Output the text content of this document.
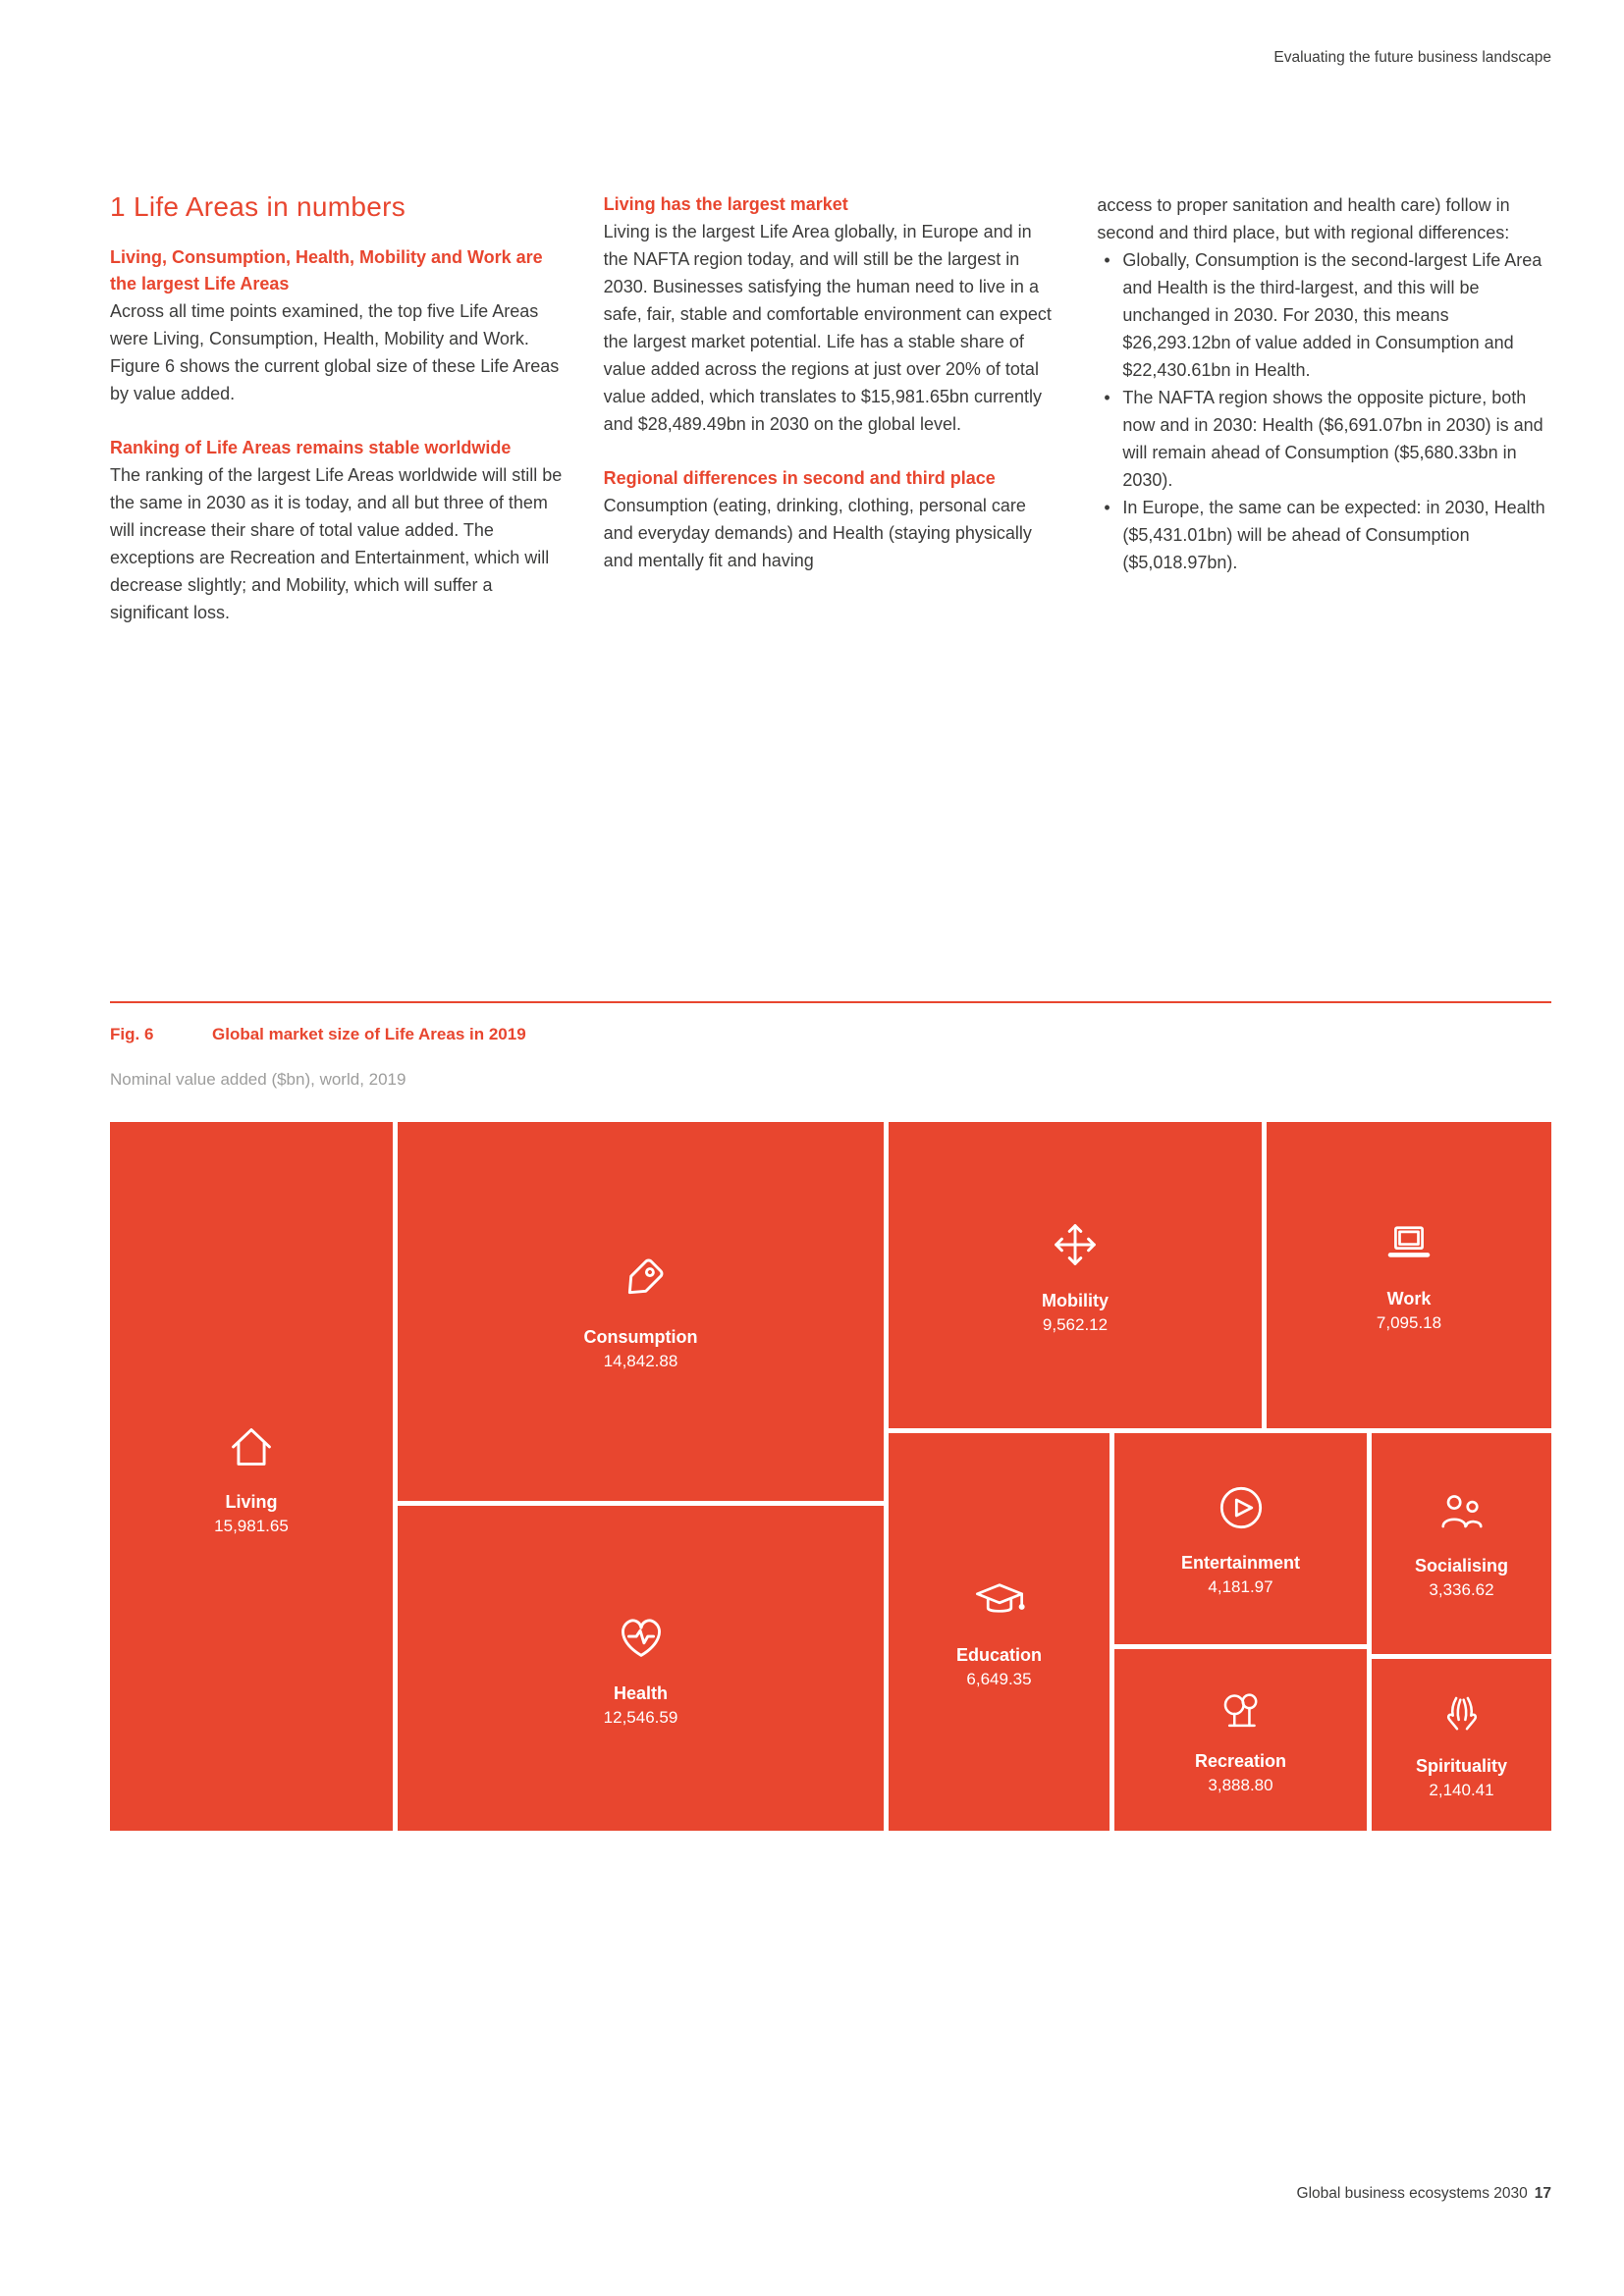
Evaluating the future business landscape
1 Life Areas in numbers
Living, Consumption, Health, Mobility and Work are the largest Life Areas

Across all time points examined, the top five Life Areas were Living, Consumption, Health, Mobility and Work. Figure 6 shows the current global size of these Life Areas by value added.

Ranking of Life Areas remains stable worldwide

The ranking of the largest Life Areas worldwide will still be the same in 2030 as it is today, and all but three of them will increase their share of total value added. The exceptions are Recreation and Entertainment, which will decrease slightly; and Mobility, which will suffer a significant loss.

Living has the largest market

Living is the largest Life Area globally, in Europe and in the NAFTA region today, and will still be the largest in 2030. Businesses satisfying the human need to live in a safe, fair, stable and comfortable environment can expect the largest market potential. Life has a stable share of value added across the regions at just over 20% of total value added, which translates to $15,981.65bn currently and $28,489.49bn in 2030 on the global level.

Regional differences in second and third place

Consumption (eating, drinking, clothing, personal care and everyday demands) and Health (staying physically and mentally fit and having

access to proper sanitation and health care) follow in second and third place, but with regional differences:

• Globally, Consumption is the second-largest Life Area and Health is the third-largest, and this will be unchanged in 2030. For 2030, this means $26,293.12bn of value added in Consumption and $22,430.61bn in Health.
• The NAFTA region shows the opposite picture, both now and in 2030: Health ($6,691.07bn in 2030) is and will remain ahead of Consumption ($5,680.33bn in 2030).
• In Europe, the same can be expected: in 2030, Health ($5,431.01bn) will be ahead of Consumption ($5,018.97bn).
Fig. 6	Global market size of Life Areas in 2019
Nominal value added ($bn), world, 2019
Living
15,981.65
Consumption
14,842.88
Health
12,546.59
Mobility
9,562.12
Work
7,095.18
Education
6,649.35
Entertainment
4,181.97
Recreation
3,888.80
Socialising
3,336.62
Spirituality
2,140.41
Global business ecosystems 2030 17
